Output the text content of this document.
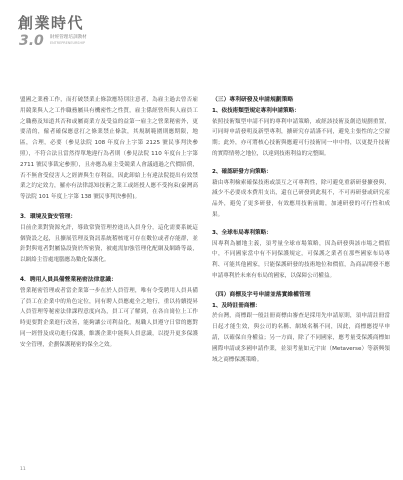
創業時代
3.0 財經管理培訓教材
ENTREPRENEURSHIP

盟國之業務工作，而打破禁業止條款應特別注意者，為雇主過去曾否雇用競業與人之工作職務屬具有機密性之性質，雇主係經營所與人雇員工之職務及知道其否和或屬商業方及受益的益第一雇主之營業秘密外，更要清的，僱者確保應意打之條業禁止條款，其規制範圍則應期限，地區，合理，必要（參見法院 108 年度台上字第 2125 號民事判決參照），不符合法且當然得單地違行為者則（參見法院 110 年度台上字第 2711 號民事裁定參照），且亦應為雇主受競業人會議通過之代價賠償，否不無會受侵害人之經濟與生存利益，因此卸給上有違法院提出有效禁業之約定效力，羅亦有法律認知技術之業工或經授人應不受拘束(臺灣高等法院 101 年度上字第 138 號民事判決參照)。

3．環境及資安管理：

目前企業對資源允許，導致常資管理控進出入員身分，這化需要系統這個資設之起，且擴展管理及資訊系統稽核電可存在數位或者存能群，並針對與電者對屬協設資於所密資，被處需加強管理化配網及網路等最，以網絡主管處電腦應為數化保護化。

4．聘用人員具備營業秘密法律意識：

營業秘密管理或者當企業第一步在於人員管理，唯有令受聘用人員具備了員工在企業中的角色定位，同有聘人員應處全之地行，重以持續提昇人員管理等秘密法律課程意度向為，員工可了解到，在各自崗位上工作時更要對企業進行改善，能夠讓公司利益化，規職人員遵守日常的應對同一經營及成功進行保護，維護企業中能與人員意識，以提升更多保護安全管理，企劃保護秘密的保全之效。

（三）專利研發及申請規劃策略
1、依技術類型規定專利申請策略：

依照技術類型申請不同的專利申請策略，或經該技術及創造規劃重置，可同時申請發明及新型專利，擴研究存請謹不同，避免主張性的之空窗期；此外，亦可將核心技術與應避可行技術同一申中得，以更提升技術的實際情勢之地位，以達到技術利益的完整圈。

2、確認研發方向策略：

藉由專利檢索確保技術或誤互之可專利性，除可避免重新研發擴發與，減少不必要成本費用支出，還在已研發到此現不，不可再研發或研究產品外，避免了更多研發，有效應用技術前瞻，加速研發的可行性和成果。

3、全球布局專利策略：

因專利為屬地主義，須考量全球市場策略，因為研發與該市場之價值中，不同國家當中有不同保護規定，可保護之業者在那些國家布局專利、可能其他國家，只能保護研發的技術地位和價值，為商品開發不應申請專利於未來有布局的國家，以保障公司權益。

（四）商標及字号申請並落實維權管理
1、及時註冊商標：

於台灣，商標跟一般註冊商標由審查是採用先申請原則，須申請註冊當日起才能生效，與公司的名稱、網域名稱不同，因此，商標應提早申請，以確保自身權益；另一方面，除了不同國家，應考量受保護商標如國際申請或多國申請作業，並須考量如元宇宙（Metaverse）等新興領域之商標保護策略。

11
